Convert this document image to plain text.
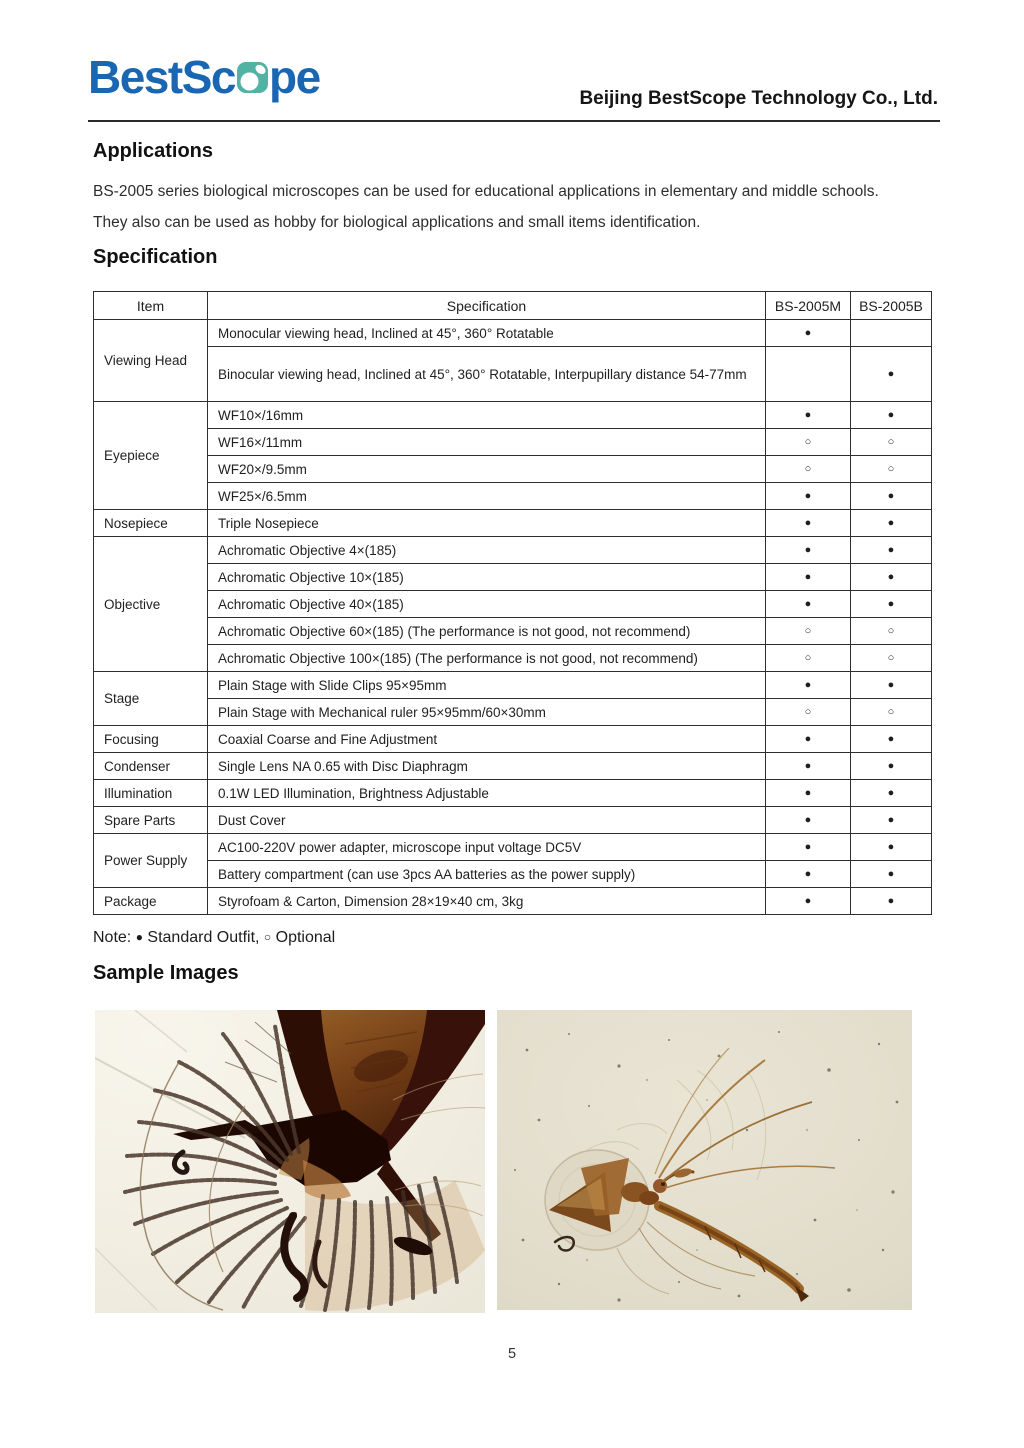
BestSc pe	Beijing BestScope Technology Co., Ltd.
Applications
BS-2005 series biological microscopes can be used for educational applications in elementary and middle schools.
They also can be used as hobby for biological applications and small items identification.
Specification
Item	Specification	BS-2005M	BS-2005B
Viewing Head	Monocular viewing head, Inclined at 45°, 360° Rotatable	●	
	Binocular viewing head, Inclined at 45°, 360° Rotatable, Interpupillary distance 54-77mm		●
Eyepiece	WF10×/16mm	●	●
	WF16×/11mm	○	○
	WF20×/9.5mm	○	○
	WF25×/6.5mm	●	●
Nosepiece	Triple Nosepiece	●	●
Objective	Achromatic Objective 4×(185)	●	●
	Achromatic Objective 10×(185)	●	●
	Achromatic Objective 40×(185)	●	●
	Achromatic Objective 60×(185) (The performance is not good, not recommend)	○	○
	Achromatic Objective 100×(185) (The performance is not good, not recommend)	○	○
Stage	Plain Stage with Slide Clips 95×95mm	●	●
	Plain Stage with Mechanical ruler 95×95mm/60×30mm	○	○
Focusing	Coaxial Coarse and Fine Adjustment	●	●
Condenser	Single Lens NA 0.65 with Disc Diaphragm	●	●
Illumination	0.1W LED Illumination, Brightness Adjustable	●	●
Spare Parts	Dust Cover	●	●
Power Supply	AC100-220V power adapter, microscope input voltage DC5V	●	●
	Battery compartment (can use 3pcs AA batteries as the power supply)	●	●
Package	Styrofoam & Carton, Dimension 28×19×40 cm, 3kg	●	●
Note: ● Standard Outfit, ○ Optional
Sample Images
5
